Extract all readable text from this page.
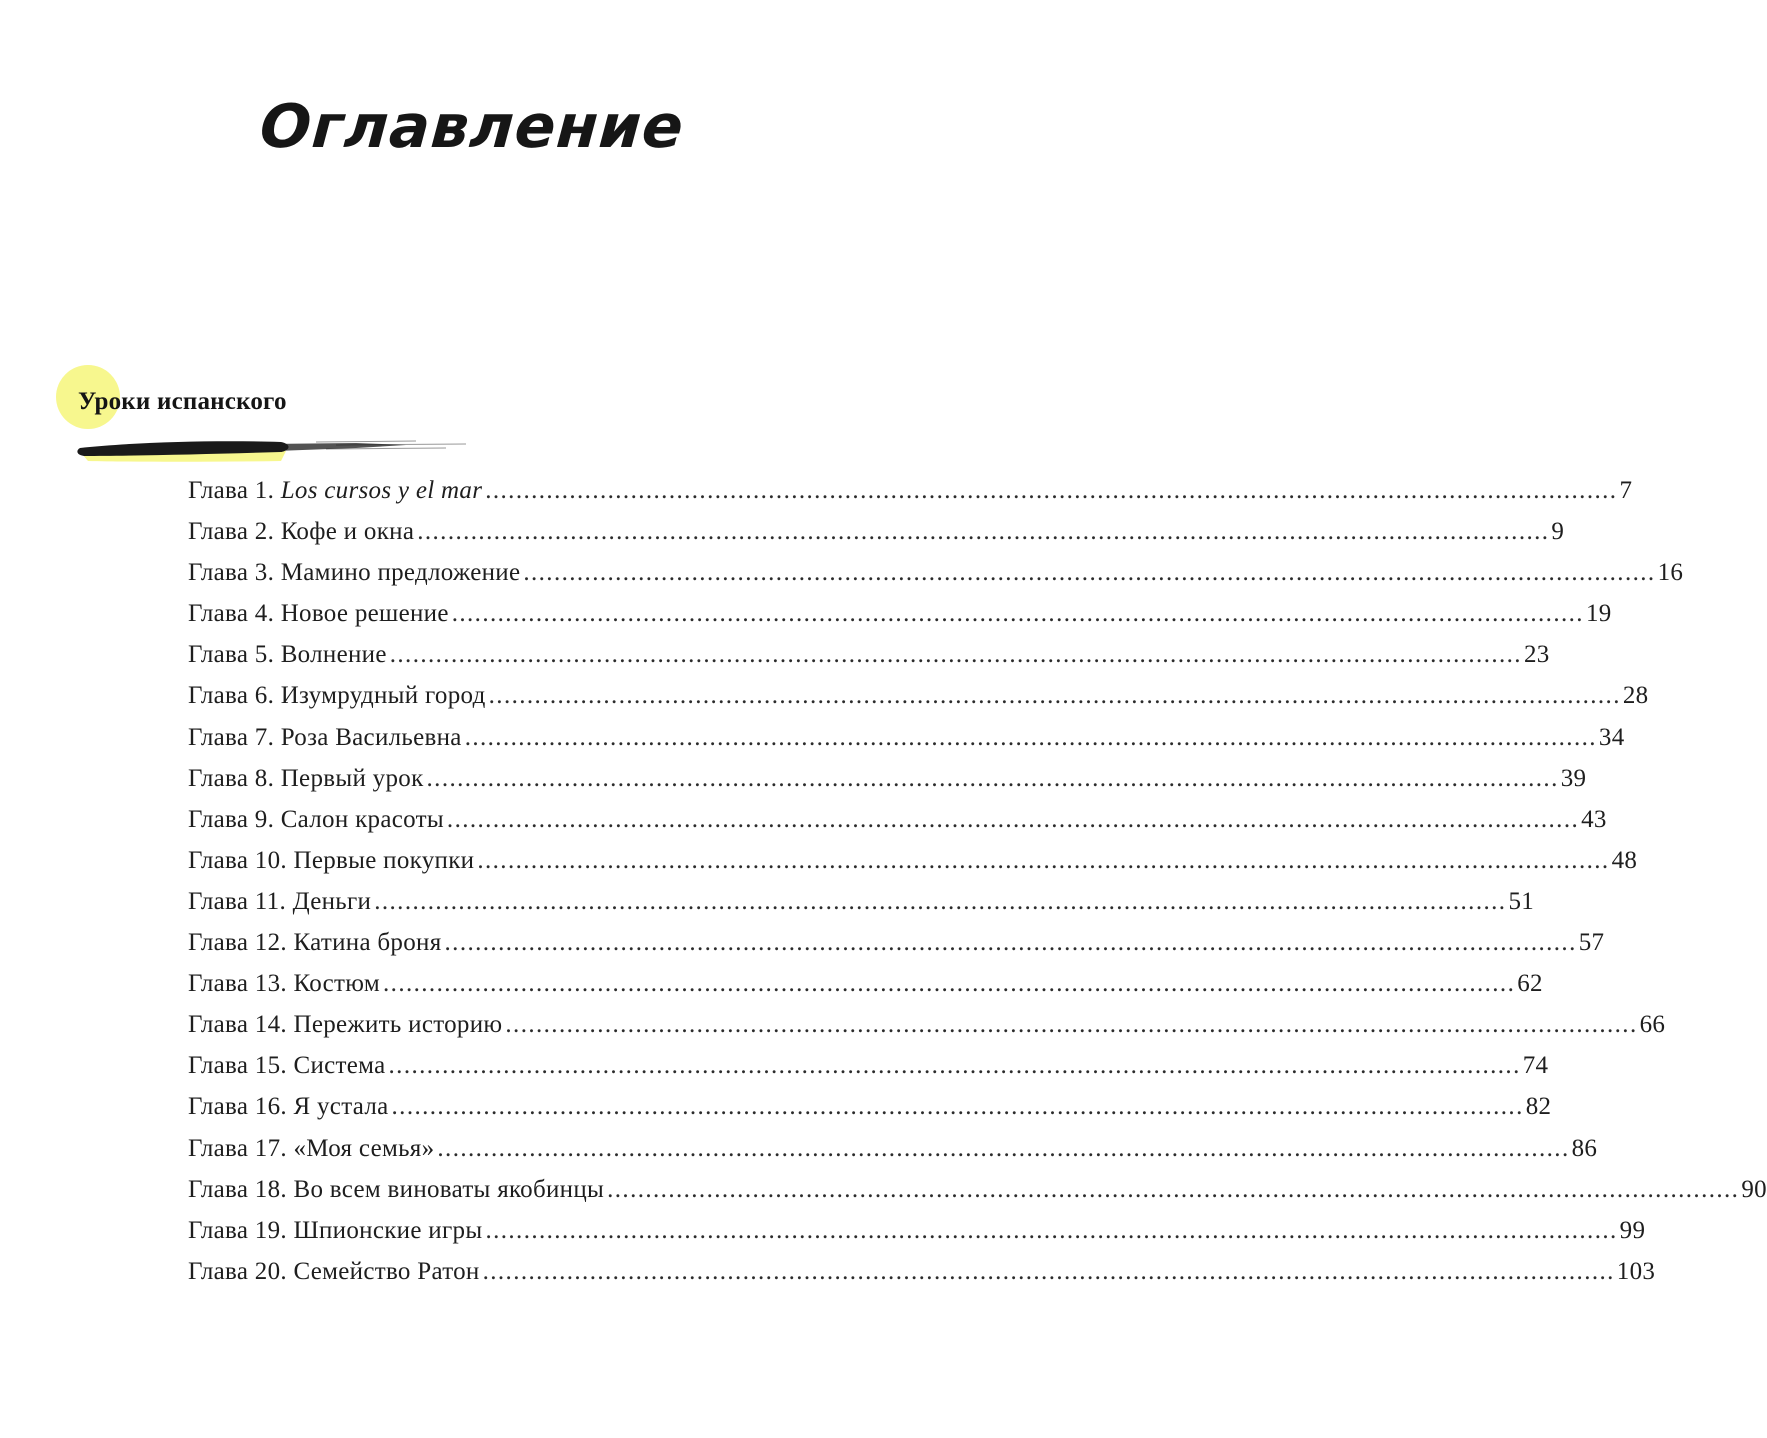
Оглавление
Уроки испанского
Глава 1. Los cursos y el mar .................................................................................................................................................... 7
Глава 2. Кофе и окна .................................................................................................................................................... 9
Глава 3. Мамино предложение .................................................................................................................................................... 16
Глава 4. Новое решение .................................................................................................................................................... 19
Глава 5. Волнение .................................................................................................................................................... 23
Глава 6. Изумрудный город .................................................................................................................................................... 28
Глава 7. Роза Васильевна .................................................................................................................................................... 34
Глава 8. Первый урок .................................................................................................................................................... 39
Глава 9. Салон красоты .................................................................................................................................................... 43
Глава 10. Первые покупки .................................................................................................................................................... 48
Глава 11. Деньги .................................................................................................................................................... 51
Глава 12. Катина броня .................................................................................................................................................... 57
Глава 13. Костюм .................................................................................................................................................... 62
Глава 14. Пережить историю .................................................................................................................................................... 66
Глава 15. Система .................................................................................................................................................... 74
Глава 16. Я устала .................................................................................................................................................... 82
Глава 17. «Моя семья» .................................................................................................................................................... 86
Глава 18. Во всем виноваты якобинцы .................................................................................................................................................... 90
Глава 19. Шпионские игры .................................................................................................................................................... 99
Глава 20. Семейство Ратон .................................................................................................................................................... 103
